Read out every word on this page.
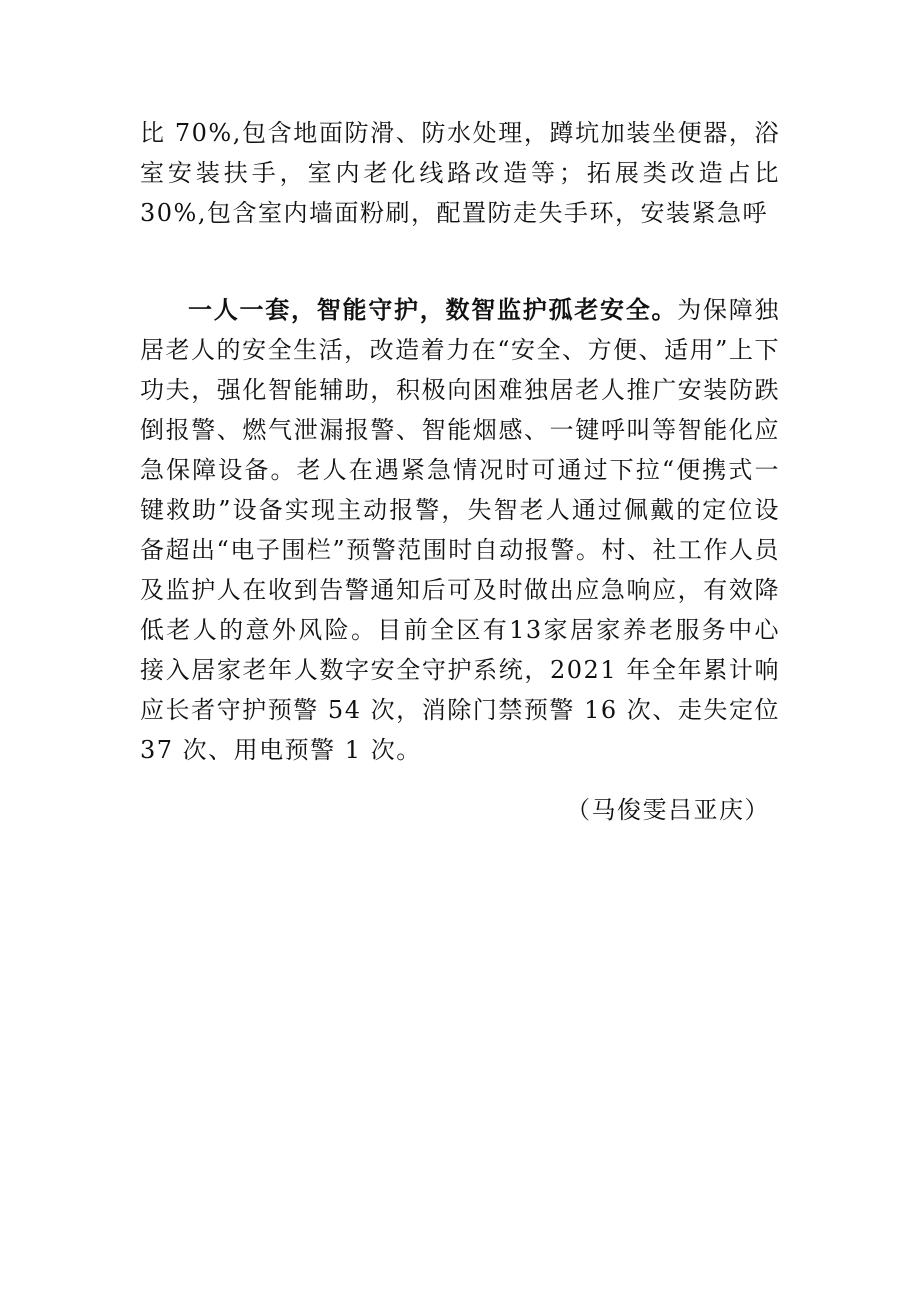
比 70%,包含地面防滑、防水处理，蹲坑加装坐便器，浴室安装扶手，室内老化线路改造等；拓展类改造占比 30%,包含室内墙面粉刷，配置防走失手环，安装紧急呼

一人一套，智能守护，数智监护孤老安全。为保障独居老人的安全生活，改造着力在“安全、方便、适用”上下功夫，强化智能辅助，积极向困难独居老人推广安装防跌倒报警、燃气泄漏报警、智能烟感、一键呼叫等智能化应急保障设备。老人在遇紧急情况时可通过下拉“便携式一键救助”设备实现主动报警，失智老人通过佩戴的定位设备超出“电子围栏”预警范围时自动报警。村、社工作人员及监护人在收到告警通知后可及时做出应急响应，有效降低老人的意外风险。目前全区有13家居家养老服务中心接入居家老年人数字安全守护系统，2021 年全年累计响应长者守护预警 54 次，消除门禁预警 16 次、走失定位 37 次、用电预警 1 次。

（马俊雯吕亚庆）
